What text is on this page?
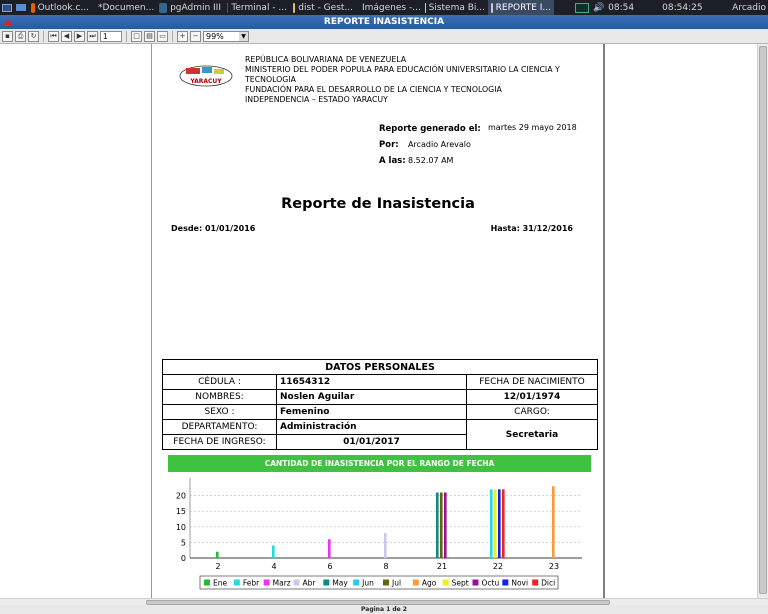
Outlook.c... *Documen... pgAdmin III Terminal - ... dist - Gest... Imágenes -... Sistema Bi... REPORTE I...	🔊 08:54	08:54:25	Arcadio
REPORTE INASISTENCIA
▪	⎙	↻	⏮	◀	▶	⏭
1	□ ▤ ▭	+	− 99%	▼
YARACUY
REPÚBLICA BOLIVARIANA DE VENEZUELA
MINISTERIO DEL PODER POPULA PARA EDUCACIÓN UNIVERSITARIO LA CIENCIA Y TECNOLOGIA
FUNDACIÓN PARA EL DESARROLLO DE LA CIENCIA Y TECNOLOGIA
INDEPENDENCIA – ESTADO YARACUY
Reporte generado el: martes 29 mayo 2018
Por: Arcadio Arevalo
A las: 8.52.07 AM
Reporte de Inasistencia
Desde: 01/01/2016	Hasta: 31/12/2016
DATOS PERSONALES		
CÉDULA :	11654312	FECHA DE NACIMIENTO
NOMBRES:	Noslen Aguilar	12/01/1974
SEXO :	Femenino	CARGO:
DEPARTAMENTO:	Administración	Secretaria
FECHA DE INGRESO:	01/01/2017	
CANTIDAD DE INASISTENCIA POR EL RANGO DE FECHA
0
5
10
15
20
2	4	6	8	21	22	23
Ene Febr Marz Abr May Jun Jul	Ago Sept Octu Novi Dici
Pagina 1 de 2
